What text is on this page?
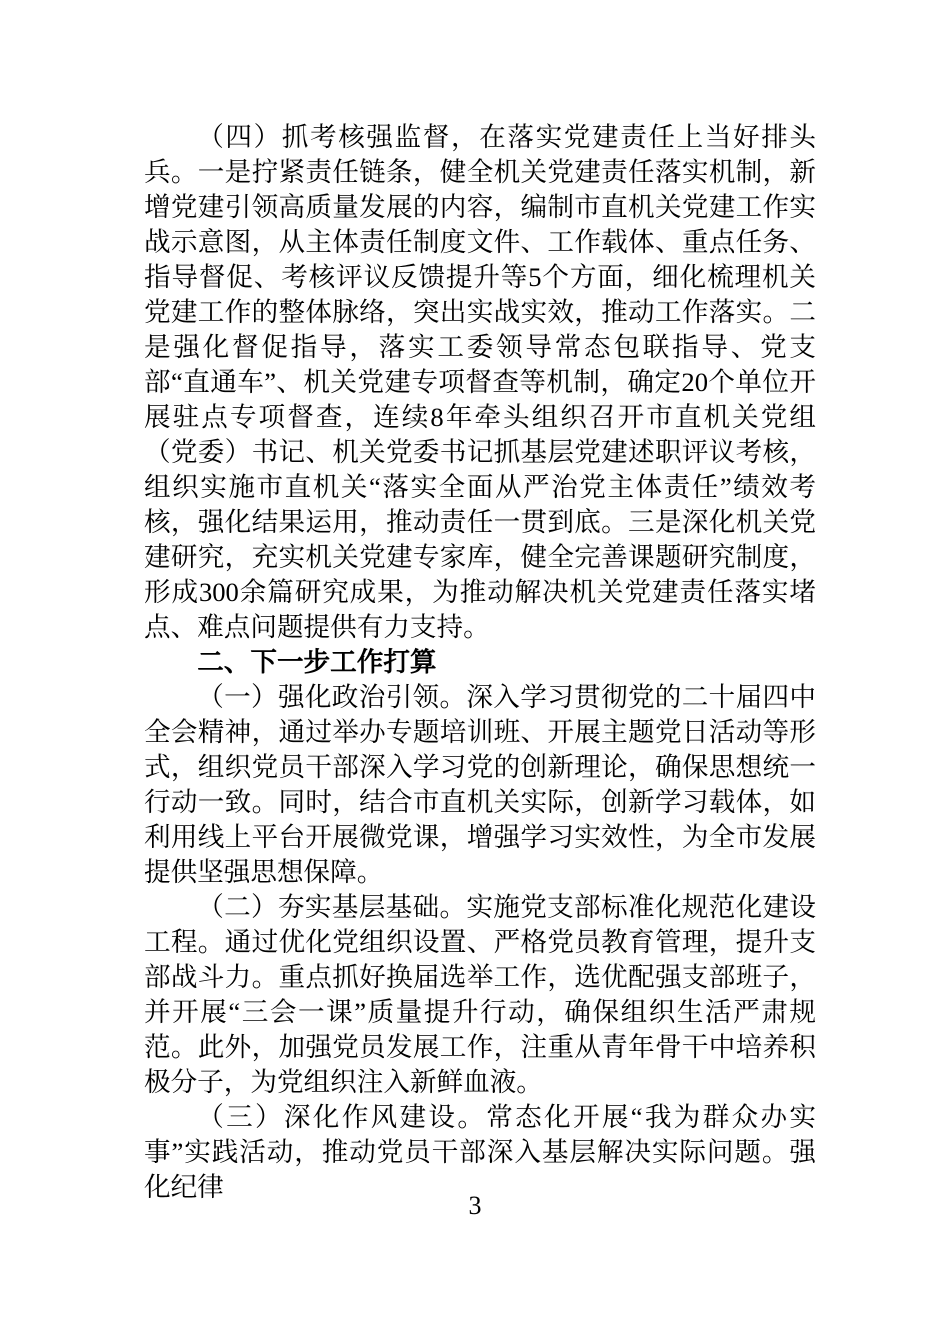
（四）抓考核强监督，在落实党建责任上当好排头兵。一是拧紧责任链条，健全机关党建责任落实机制，新增党建引领高质量发展的内容，编制市直机关党建工作实战示意图，从主体责任制度文件、工作载体、重点任务、指导督促、考核评议反馈提升等5个方面，细化梳理机关党建工作的整体脉络，突出实战实效，推动工作落实。二是强化督促指导，落实工委领导常态包联指导、党支部“直通车”、机关党建专项督查等机制，确定20个单位开展驻点专项督查，连续8年牵头组织召开市直机关党组（党委）书记、机关党委书记抓基层党建述职评议考核，组织实施市直机关“落实全面从严治党主体责任”绩效考核，强化结果运用，推动责任一贯到底。三是深化机关党建研究，充实机关党建专家库，健全完善课题研究制度，形成300余篇研究成果，为推动解决机关党建责任落实堵点、难点问题提供有力支持。

二、下一步工作打算

（一）强化政治引领。深入学习贯彻党的二十届四中全会精神，通过举办专题培训班、开展主题党日活动等形式，组织党员干部深入学习党的创新理论，确保思想统一行动一致。同时，结合市直机关实际，创新学习载体，如利用线上平台开展微党课，增强学习实效性，为全市发展提供坚强思想保障。

（二）夯实基层基础。实施党支部标准化规范化建设工程。通过优化党组织设置、严格党员教育管理，提升支部战斗力。重点抓好换届选举工作，选优配强支部班子，并开展“三会一课”质量提升行动，确保组织生活严肃规范。此外，加强党员发展工作，注重从青年骨干中培养积极分子，为党组织注入新鲜血液。

（三）深化作风建设。常态化开展“我为群众办实事”实践活动，推动党员干部深入基层解决实际问题。强化纪律

3
